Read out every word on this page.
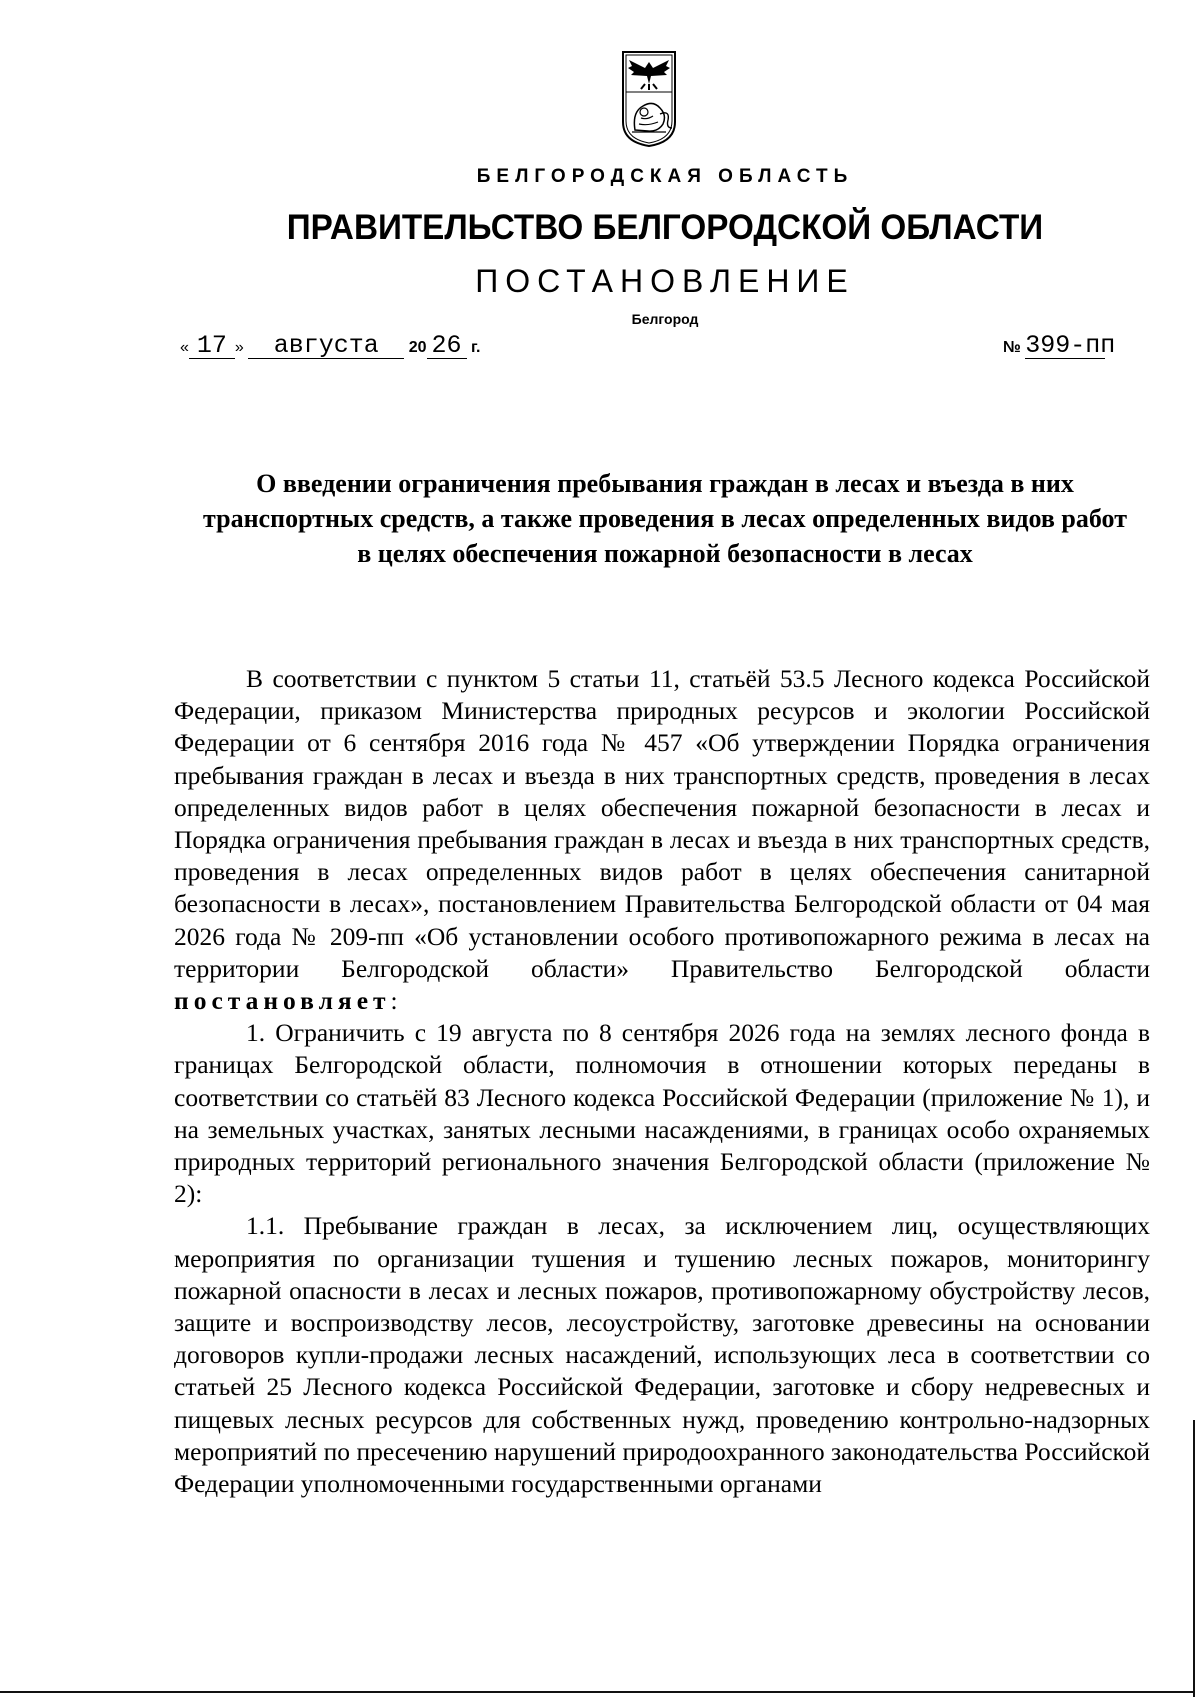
БЕЛГОРОДСКАЯ ОБЛАСТЬ
ПРАВИТЕЛЬСТВО БЕЛГОРОДСКОЙ ОБЛАСТИ
ПОСТАНОВЛЕНИЕ
Белгород
« 17 » августа 20 26 г.	№ 399-пп
О введении ограничения пребывания граждан в лесах и въезда в них транспортных средств, а также проведения в лесах определенных видов работ в целях обеспечения пожарной безопасности в лесах

В соответствии с пунктом 5 статьи 11, статьёй 53.5 Лесного кодекса Российской Федерации, приказом Министерства природных ресурсов и экологии Российской Федерации от 6 сентября 2016 года № 457 «Об утверждении Порядка ограничения пребывания граждан в лесах и въезда в них транспортных средств, проведения в лесах определенных видов работ в целях обеспечения пожарной безопасности в лесах и Порядка ограничения пребывания граждан в лесах и въезда в них транспортных средств, проведения в лесах определенных видов работ в целях обеспечения санитарной безопасности в лесах», постановлением Правительства Белгородской области от 04 мая 2026 года № 209-пп «Об установлении особого противопожарного режима в лесах на территории Белгородской области» Правительство Белгородской области постановляет:

1. Ограничить с 19 августа по 8 сентября 2026 года на землях лесного фонда в границах Белгородской области, полномочия в отношении которых переданы в соответствии со статьёй 83 Лесного кодекса Российской Федерации (приложение № 1), и на земельных участках, занятых лесными насаждениями, в границах особо охраняемых природных территорий регионального значения Белгородской области (приложение № 2):

1.1. Пребывание граждан в лесах, за исключением лиц, осуществляющих мероприятия по организации тушения и тушению лесных пожаров, мониторингу пожарной опасности в лесах и лесных пожаров, противопожарному обустройству лесов, защите и воспроизводству лесов, лесоустройству, заготовке древесины на основании договоров купли-продажи лесных насаждений, использующих леса в соответствии со статьей 25 Лесного кодекса Российской Федерации, заготовке и сбору недревесных и пищевых лесных ресурсов для собственных нужд, проведению контрольно-надзорных мероприятий по пресечению нарушений природоохранного законодательства Российской Федерации уполномоченными государственными органами
